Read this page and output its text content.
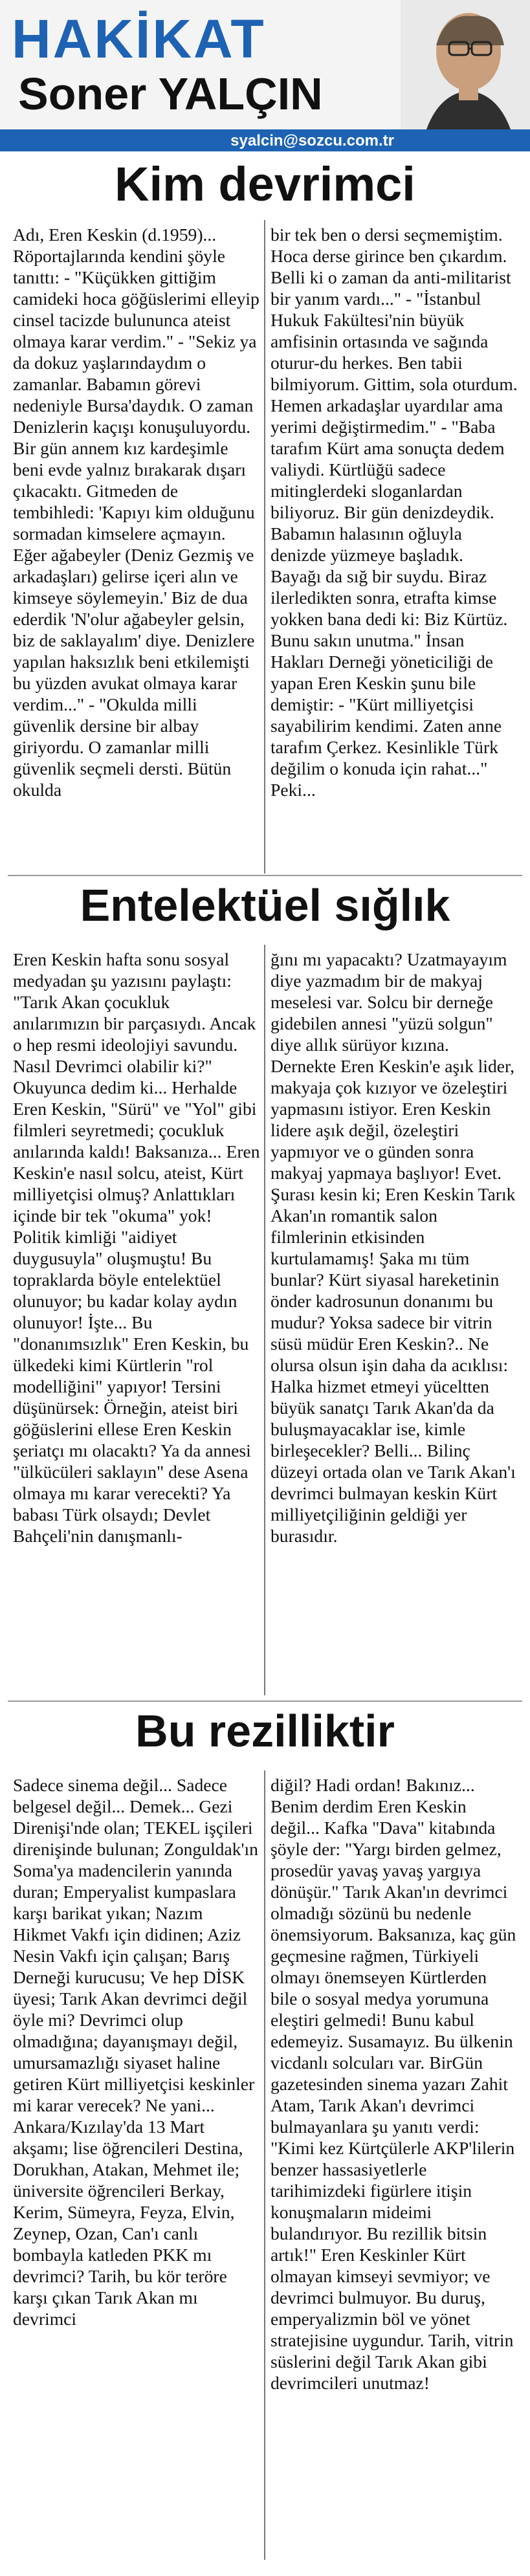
HAKİKAT
Soner YALÇIN
syalcin@sozcu.com.tr
Kim devrimci

Adı, Eren Keskin (d.1959)... Röportajlarında kendini şöyle tanıttı: - "Küçükken gittiğim camideki hoca göğüslerimi elleyip cinsel tacizde bulununca ateist olmaya karar verdim." - "Sekiz ya da dokuz yaşlarındaydım o zamanlar. Babamın görevi nedeniyle Bursa'daydık. O zaman Denizlerin kaçışı konuşuluyordu. Bir gün annem kız kardeşimle beni evde yalnız bırakarak dışarı çıkacaktı. Gitmeden de tembihledi: 'Kapıyı kim olduğunu sormadan kimselere açmayın. Eğer ağabeyler (Deniz Gezmiş ve arkadaşları) gelirse içeri alın ve kimseye söylemeyin.' Biz de dua ederdik 'N'olur ağabeyler gelsin, biz de saklayalım' diye. Denizlere yapılan haksızlık beni etkilemişti bu yüzden avukat olmaya karar verdim..." - "Okulda milli güvenlik dersine bir albay giriyordu. O zamanlar milli güvenlik seçmeli dersti. Bütün okulda

bir tek ben o dersi seçmemiştim. Hoca derse girince ben çıkardım. Belli ki o zaman da anti-militarist bir yanım vardı..." - "İstanbul Hukuk Fakültesi'nin büyük amfisinin ortasında ve sağında oturur-du herkes. Ben tabii bilmiyorum. Gittim, sola oturdum. Hemen arkadaşlar uyardılar ama yerimi değiştirmedim." - "Baba tarafım Kürt ama sonuçta dedem valiydi. Kürtlüğü sadece mitinglerdeki sloganlardan biliyoruz. Bir gün denizdeydik. Babamın halasının oğluyla denizde yüzmeye başladık. Bayağı da sığ bir suydu. Biraz ilerledikten sonra, etrafta kimse yokken bana dedi ki: Biz Kürtüz. Bunu sakın unutma." İnsan Hakları Derneği yöneticiliği de yapan Eren Keskin şunu bile demiştir: - "Kürt milliyetçisi sayabilirim kendimi. Zaten anne tarafım Çerkez. Kesinlikle Türk değilim o konuda için rahat..." Peki...

Entelektüel sığlık

Eren Keskin hafta sonu sosyal medyadan şu yazısını paylaştı: "Tarık Akan çocukluk anılarımızın bir parçasıydı. Ancak o hep resmi ideolojiyi savundu. Nasıl Devrimci olabilir ki?" Okuyunca dedim ki... Herhalde Eren Keskin, "Sürü" ve "Yol" gibi filmleri seyretmedi; çocukluk anılarında kaldı! Baksanıza... Eren Keskin'e nasıl solcu, ateist, Kürt milliyetçisi olmuş? Anlattıkları içinde bir tek "okuma" yok! Politik kimliği "aidiyet duygusuyla" oluşmuştu! Bu topraklarda böyle entelektüel olunuyor; bu kadar kolay aydın olunuyor! İşte... Bu "donanımsızlık" Eren Keskin, bu ülkedeki kimi Kürtlerin "rol modelliğini" yapıyor! Tersini düşünürsek: Örneğin, ateist biri göğüslerini ellese Eren Keskin şeriatçı mı olacaktı? Ya da annesi "ülkücüleri saklayın" dese Asena olmaya mı karar verecekti? Ya babası Türk olsaydı; Devlet Bahçeli'nin danışmanlı-

ğını mı yapacaktı? Uzatmayayım diye yazmadım bir de makyaj meselesi var. Solcu bir derneğe gidebilen annesi "yüzü solgun" diye allık sürüyor kızına. Dernekte Eren Keskin'e aşık lider, makyaja çok kızıyor ve özeleştiri yapmasını istiyor. Eren Keskin lidere aşık değil, özeleştiri yapmıyor ve o günden sonra makyaj yapmaya başlıyor! Evet. Şurası kesin ki; Eren Keskin Tarık Akan'ın romantik salon filmlerinin etkisinden kurtulamamış! Şaka mı tüm bunlar? Kürt siyasal hareketinin önder kadrosunun donanımı bu mudur? Yoksa sadece bir vitrin süsü müdür Eren Keskin?.. Ne olursa olsun işin daha da acıklısı: Halka hizmet etmeyi yüceltten büyük sanatçı Tarık Akan'da da buluşmayacaklar ise, kimle birleşecekler? Belli... Bilinç düzeyi ortada olan ve Tarık Akan'ı devrimci bulmayan keskin Kürt milliyetçiliğinin geldiği yer burasıdır.

Bu rezilliktir

Sadece sinema değil... Sadece belgesel değil... Demek... Gezi Direnişi'nde olan; TEKEL işçileri direnişinde bulunan; Zonguldak'ın Soma'ya madencilerin yanında duran; Emperyalist kumpaslara karşı barikat yıkan; Nazım Hikmet Vakfı için didinen; Aziz Nesin Vakfı için çalışan; Barış Derneği kurucusu; Ve hep DİSK üyesi; Tarık Akan devrimci değil öyle mi? Devrimci olup olmadığına; dayanışmayı değil, umursamazlığı siyaset haline getiren Kürt milliyetçisi keskinler mi karar verecek? Ne yani... Ankara/Kızılay'da 13 Mart akşamı; lise öğrencileri Destina, Dorukhan, Atakan, Mehmet ile; üniversite öğrencileri Berkay, Kerim, Sümeyra, Feyza, Elvin, Zeynep, Ozan, Can'ı canlı bombayla katleden PKK mı devrimci? Tarih, bu kör teröre karşı çıkan Tarık Akan mı devrimci

diğil? Hadi ordan! Bakınız... Benim derdim Eren Keskin değil... Kafka "Dava" kitabında şöyle der: "Yargı birden gelmez, prosedür yavaş yavaş yargıya dönüşür." Tarık Akan'ın devrimci olmadığı sözünü bu nedenle önemsiyorum. Baksanıza, kaç gün geçmesine rağmen, Türkiyeli olmayı önemseyen Kürtlerden bile o sosyal medya yorumuna eleştiri gelmedi! Bunu kabul edemeyiz. Susamayız. Bu ülkenin vicdanlı solcuları var. BirGün gazetesinden sinema yazarı Zahit Atam, Tarık Akan'ı devrimci bulmayanlara şu yanıtı verdi: "Kimi kez Kürtçülerle AKP'lilerin benzer hassasiyetlerle tarihimizdeki figürlere itişin konuşmaların mideimi bulandırıyor. Bu rezillik bitsin artık!" Eren Keskinler Kürt olmayan kimseyi sevmiyor; ve devrimci bulmuyor. Bu duruş, emperyalizmin böl ve yönet stratejisine uygundur. Tarih, vitrin süslerini değil Tarık Akan gibi devrimcileri unutmaz!
